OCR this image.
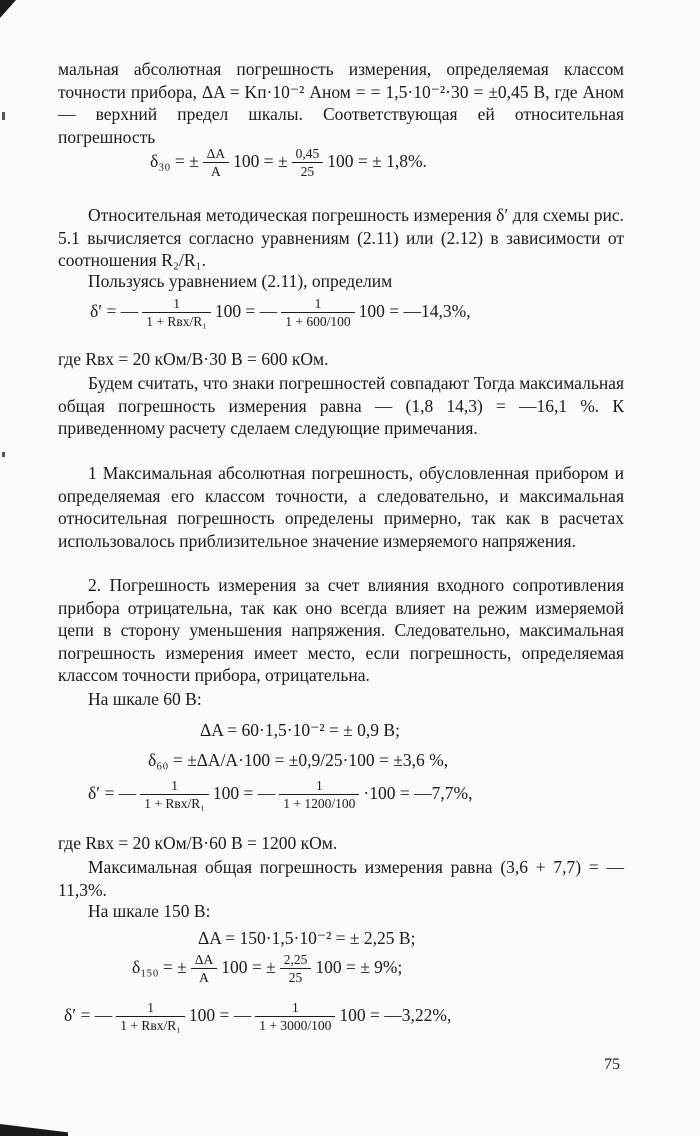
мальная абсолютная погрешность измерения, определяемая классом точности прибора, ΔA = Kп·10⁻² Aном = = 1,5·10⁻²·30 = ±0,45 В, где Aном — верхний предел шкалы. Соответствующая ей относительная погрешность
δ₃₀ = ± $\frac{\Delta A}{A} 100$ = ± $\frac{0,45}{25} 100$ = ± 1,8%.
Относительная методическая погрешность измерения δ′ для схемы рис. 5.1 вычисляется согласно уравнениям (2.11) или (2.12) в зависимости от соотношения R₂/R₁.
Пользуясь уравнением (2.11), определим
δ′ = — $\frac{1}{\text{1 + Rвх/R₁}} 100$ = — $\frac{1}{1 + 600/100} 100$ = —14,3%,
где Rвх = 20 кОм/В·30 В = 600 кОм.
Будем считать, что знаки погрешностей совпадают Тогда максимальная общая погрешность измерения равна — (1,8 14,3) = —16,1 %. К приведенному расчету сделаем следующие примечания.
1 Максимальная абсолютная погрешность, обусловленная прибором и определяемая его классом точности, а следовательно, и максимальная относительная погрешность определены примерно, так как в расчетах использовалось приблизительное значение измеряемого напряжения.
2. Погрешность измерения за счет влияния входного сопротивления прибора отрицательна, так как оно всегда влияет на режим измеряемой цепи в сторону уменьшения напряжения. Следовательно, максимальная погрешность измерения имеет место, если погрешность, определяемая классом точности прибора, отрицательна.
На шкале 60 В:
ΔA = 60·1,5·10⁻² = ± 0,9 В;
δ₆₀ = ±ΔA/A·100 = ±0,9/25·100 = ±3,6 %,
δ′ = — $\frac{1}{\text{1 + Rвх/R₁}} 100$ = — $\frac{1}{1 + 1200/100} \cdot 100$ = —7,7%,
где Rвх = 20 кОм/В·60 В = 1200 кОм.
Максимальная общая погрешность измерения равна (3,6 + 7,7) = —11,3%.
На шкале 150 В:
ΔA = 150·1,5·10⁻² = ± 2,25 В;
δ₁₅₀ = ± $\frac{\Delta A}{A} 100$ = ± $\frac{2,25}{25} 100$ = ± 9%;
δ′ = — $\frac{1}{\text{1 + Rвх/R₁}} 100$ = — $\frac{1}{1 + 3000/100} 100$ = —3,22%,
75
